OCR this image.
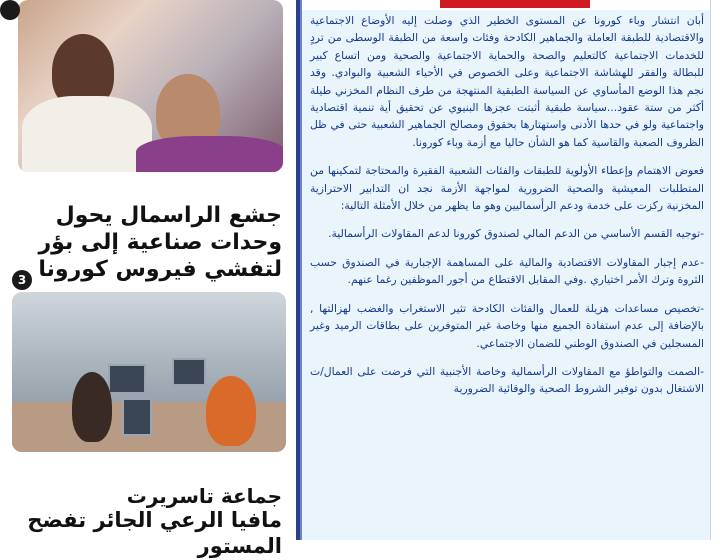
جشع الراسمال يحول وحدات صناعية إلى بؤر لتفشي فيروس كورونا
3
جماعة تاسريرت
مافيا الرعي الجائر تفضح المستور

أبان انتشار وباء كورونا عن المستوى الخطير الذي وصلت إليه الأوضاع الاجتماعية والاقتصادية للطبقة العاملة والجماهير الكادحة وفئات واسعة من الطبقة الوسطى من تردٍ للخدمات الاجتماعية كالتعليم والصحة والحماية الاجتماعية والصحية ومن اتساع كبير للبطالة والفقر للهشاشة الاجتماعية وعلى الخصوص في الأحياء الشعبية والبوادي. وقد نجم هذا الوضع المأساوي عن السياسة الطبقية المنتهجة من طرف النظام المخزني طيلة أكثر من ستة عقود...سياسة طبقية أثبتت عجزها البنيوي عن تحقيق أية تنمية اقتصادية واجتماعية ولو في حدها الأدنى واستهتارها بحقوق ومصالح الجماهير الشعبية حتى في ظل الظروف الصعبة والقاسية كما هو الشأن حاليا مع أزمة وباء كورونا.

فعوض الاهتمام وإعطاء الأولوية للطبقات والفئات الشعبية الفقيرة والمحتاجة لتمكينها من المتطلبات المعيشية والصحية الضرورية لمواجهة الأزمة نجد ان التدابير الاحترازية المخزنية ركزت على خدمة ودعم الرأسماليين وهو ما يظهر من خلال الأمثلة التالية:

-توجيه القسم الأساسي من الدعم المالي لصندوق كورونا لدعم المقاولات الرأسمالية.

-عدم إجبار المقاولات الاقتصادية والمالية على المساهمة الإجبارية في الصندوق حسب الثروة وترك الأمر اختياري .وفي المقابل الاقتطاع من أجور الموظفين رغما عنهم.

-تخصيص مساعدات هزيلة للعمال والفئات الكادحة تثير الاستغراب والغضب لهزالتها , بالإضافة إلى عدم استفادة الجميع منها وخاصة غير المتوفرين على بطاقات الرميد وغير المسجلين في الصندوق الوطني للضمان الاجتماعي.

-الصمت والتواطؤ مع المقاولات الرأسمالية وخاصة الأجنبية التي فرضت على العمال/ت الاشتغال بدون توفير الشروط الصحية والوقائية الضرورية
